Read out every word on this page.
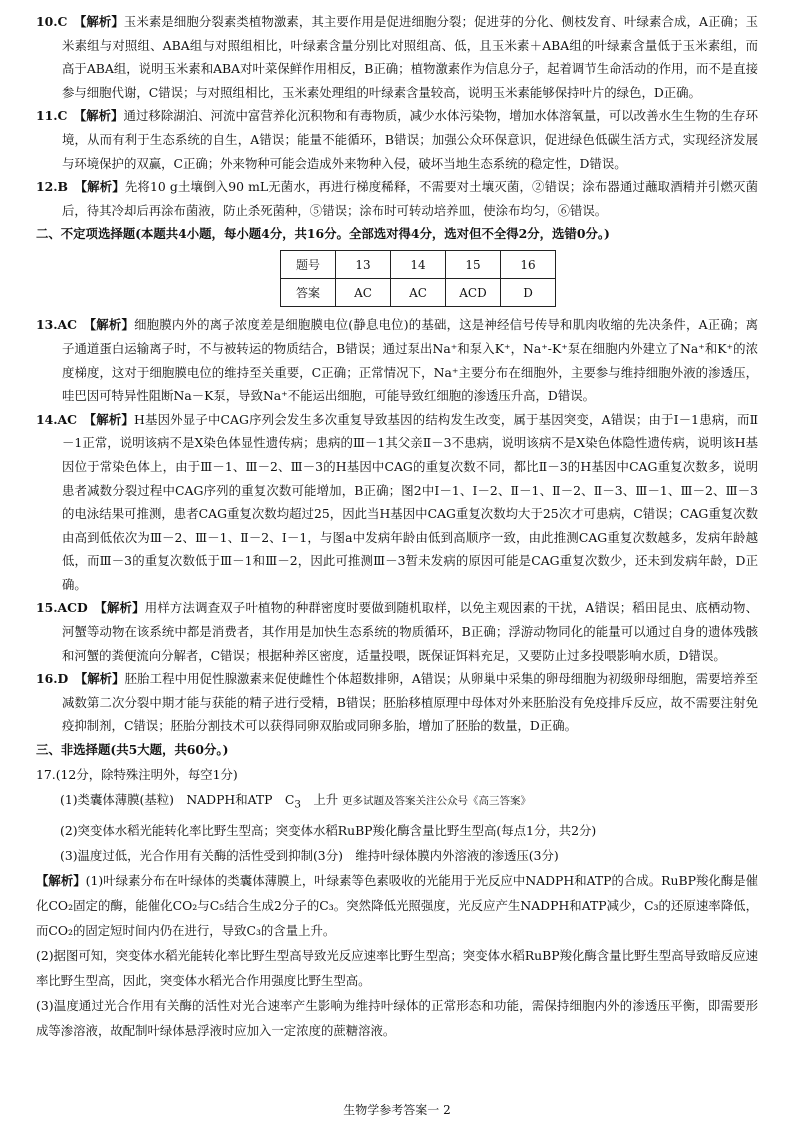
10.C　 【解析】玉米素是细胞分裂素类植物激素，其主要作用是促进细胞分裂；促进芽的分化、侧枝发育、叶绿素合成，A正确；玉米素组与对照组、ABA组与对照组相比，叶绿素含量分别比对照组高、低，且玉米素＋ABA组的叶绿素含量低于玉米素组，而高于ABA组，说明玉米素和ABA对叶菜保鲜作用相反，B正确；植物激素作为信息分子，起着调节生命活动的作用，而不是直接参与细胞代谢，C错误；与对照组相比，玉米素处理组的叶绿素含量较高，说明玉米素能够保持叶片的绿色，D正确。

11.C　 【解析】通过移除湖泊、河流中富营养化沉积物和有毒物质，减少水体污染物，增加水体溶氧量，可以改善水生生物的生存环境，从而有利于生态系统的自生，A错误；能量不能循环，B错误；加强公众环保意识，促进绿色低碳生活方式，实现经济发展与环境保护的双赢，C正确；外来物种可能会造成外来物种入侵，破坏当地生态系统的稳定性，D错误。

12.B　 【解析】先将10 g土壤倒入90 mL无菌水，再进行梯度稀释，不需要对土壤灭菌，②错误；涂布器通过蘸取酒精并引燃灭菌后，待其冷却后再涂布菌液，防止杀死菌种，⑤错误；涂布时可转动培养皿，使涂布均匀，⑥错误。

二、不定项选择题(本题共4小题，每小题4分，共16分。全部选对得4分，选对但不全得2分，选错0分。)

题号	13	14	15	16
答案	AC	AC	ACD	D

13.AC　 【解析】细胞膜内外的离子浓度差是细胞膜电位(静息电位)的基础，这是神经信号传导和肌肉收缩的先决条件，A正确；离子通道蛋白运输离子时，不与被转运的物质结合，B错误；通过泵出Na⁺和泵入K⁺，Na⁺-K⁺泵在细胞内外建立了Na⁺和K⁺的浓度梯度，这对于细胞膜电位的维持至关重要，C正确；正常情况下，Na⁺主要分布在细胞外，主要参与维持细胞外液的渗透压，哇巴因可特异性阻断Na－K泵，导致Na⁺不能运出细胞，可能导致红细胞的渗透压升高，D错误。

14.AC　 【解析】H基因外显子中CAG序列会发生多次重复导致基因的结构发生改变，属于基因突变，A错误；由于Ⅰ－1患病，而Ⅱ－1正常，说明该病不是X染色体显性遗传病；患病的Ⅲ－1其父亲Ⅱ－3不患病，说明该病不是X染色体隐性遗传病，说明该H基因位于常染色体上，由于Ⅲ－1、Ⅲ－2、Ⅲ－3的H基因中CAG的重复次数不同，都比Ⅱ－3的H基因中CAG重复次数多，说明患者减数分裂过程中CAG序列的重复次数可能增加，B正确；图2中Ⅰ－1、Ⅰ－2、Ⅱ－1、Ⅱ－2、Ⅱ－3、Ⅲ－1、Ⅲ－2、Ⅲ－3的电泳结果可推测，患者CAG重复次数均超过25，因此当H基因中CAG重复次数均大于25次才可患病，C错误；CAG重复次数由高到低依次为Ⅲ－2、Ⅲ－1、Ⅱ－2、Ⅰ－1，与图a中发病年龄由低到高顺序一致，由此推测CAG重复次数越多，发病年龄越低，而Ⅲ－3的重复次数低于Ⅲ－1和Ⅲ－2，因此可推测Ⅲ－3暂未发病的原因可能是CAG重复次数少，还未到发病年龄，D正确。

15.ACD　 【解析】用样方法调查双子叶植物的种群密度时要做到随机取样，以免主观因素的干扰，A错误；稻田昆虫、底栖动物、河蟹等动物在该系统中都是消费者，其作用是加快生态系统的物质循环，B正确；浮游动物同化的能量可以通过自身的遗体残骸和河蟹的粪便流向分解者，C错误；根据种养区密度，适量投喂，既保证饵料充足，又要防止过多投喂影响水质，D错误。

16.D　 【解析】胚胎工程中用促性腺激素来促使雌性个体超数排卵，A错误；从卵巢中采集的卵母细胞为初级卵母细胞，需要培养至减数第二次分裂中期才能与获能的精子进行受精，B错误；胚胎移植原理中母体对外来胚胎没有免疫排斥反应，故不需要注射免疫抑制剂，C错误；胚胎分割技术可以获得同卵双胎或同卵多胎，增加了胚胎的数量，D正确。

三、非选择题(共5大题，共60分。)

17.(12分，除特殊注明外，每空1分)

(1)类囊体薄膜(基粒)　NADPH和ATP　$C_3$　上升 更多试题及答案关注公众号《高三答案》

(2)突变体水稻光能转化率比野生型高；突变体水稻RuBP羧化酶含量比野生型高(每点1分，共2分)

(3)温度过低，光合作用有关酶的活性受到抑制(3分)　维持叶绿体膜内外溶液的渗透压(3分)

【解析】(1)叶绿素分布在叶绿体的类囊体薄膜上，叶绿素等色素吸收的光能用于光反应中NADPH和ATP的合成。RuBP羧化酶是催化CO₂固定的酶，能催化CO₂与C₅结合生成2分子的C₃。突然降低光照强度，光反应产生NADPH和ATP减少，C₃的还原速率降低，而CO₂的固定短时间内仍在进行，导致C₃的含量上升。

(2)据图可知，突变体水稻光能转化率比野生型高导致光反应速率比野生型高；突变体水稻RuBP羧化酶含量比野生型高导致暗反应速率比野生型高，因此，突变体水稻光合作用强度比野生型高。

(3)温度通过光合作用有关酶的活性对光合速率产生影响为维持叶绿体的正常形态和功能，需保持细胞内外的渗透压平衡，即需要形成等渗溶液，故配制叶绿体悬浮液时应加入一定浓度的蔗糖溶液。

生物学参考答案一 2
